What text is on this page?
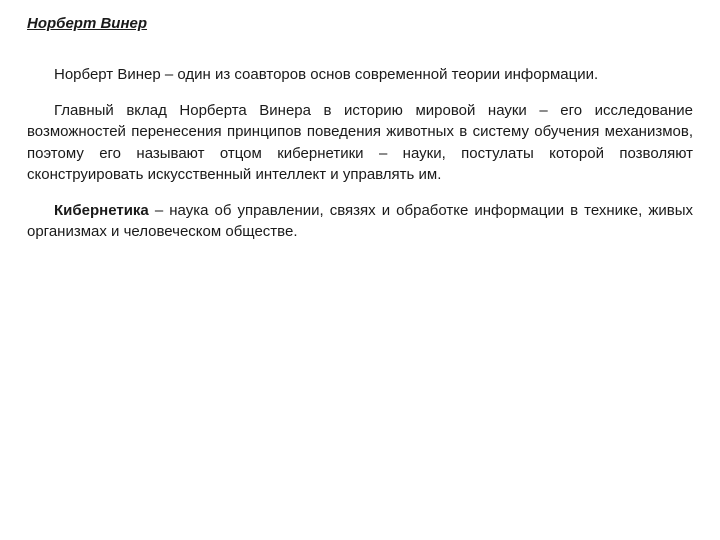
Норберт Винер

Норберт Винер – один из соавторов основ современной теории информации.

Главный вклад Норберта Винера в историю мировой науки – его исследование возможностей перенесения принципов поведения животных в систему обучения механизмов, поэтому его называют отцом кибернетики – науки, постулаты которой позволяют сконструировать искусственный интеллект и управлять им.

Кибернетика – наука об управлении, связях и обработке информации в технике, живых организмах и человеческом обществе.
